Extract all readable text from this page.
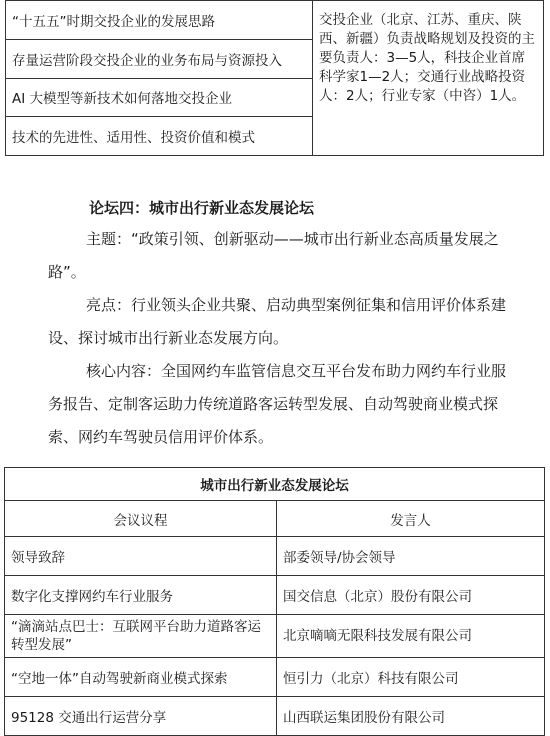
“十五五”时期交投企业的发展思路	交投企业（北京、江苏、重庆、陕西、新疆）负责战略规划及投资的主要负责人：3—5人，科技企业首席科学家1—2人；交通行业战略投资人：2人；行业专家（中咨）1人。
存量运营阶段交投企业的业务布局与资源投入
AI 大模型等新技术如何落地交投企业
技术的先进性、适用性、投资价值和模式
论坛四：城市出行新业态发展论坛

主题：“政策引领、创新驱动——城市出行新业态高质量发展之路”。

亮点：行业领头企业共聚、启动典型案例征集和信用评价体系建设、探讨城市出行新业态发展方向。

核心内容：全国网约车监管信息交互平台发布助力网约车行业服务报告、定制客运助力传统道路客运转型发展、自动驾驶商业模式探索、网约车驾驶员信用评价体系。

城市出行新业态发展论坛	
会议议程	发言人
领导致辞	部委领导/协会领导
数字化支撑网约车行业服务	国交信息（北京）股份有限公司
“滴滴站点巴士：互联网平台助力道路客运转型发展”	北京嘀嘀无限科技发展有限公司
“空地一体”自动驾驶新商业模式探索	恒引力（北京）科技有限公司
95128 交通出行运营分享	山西联运集团股份有限公司
